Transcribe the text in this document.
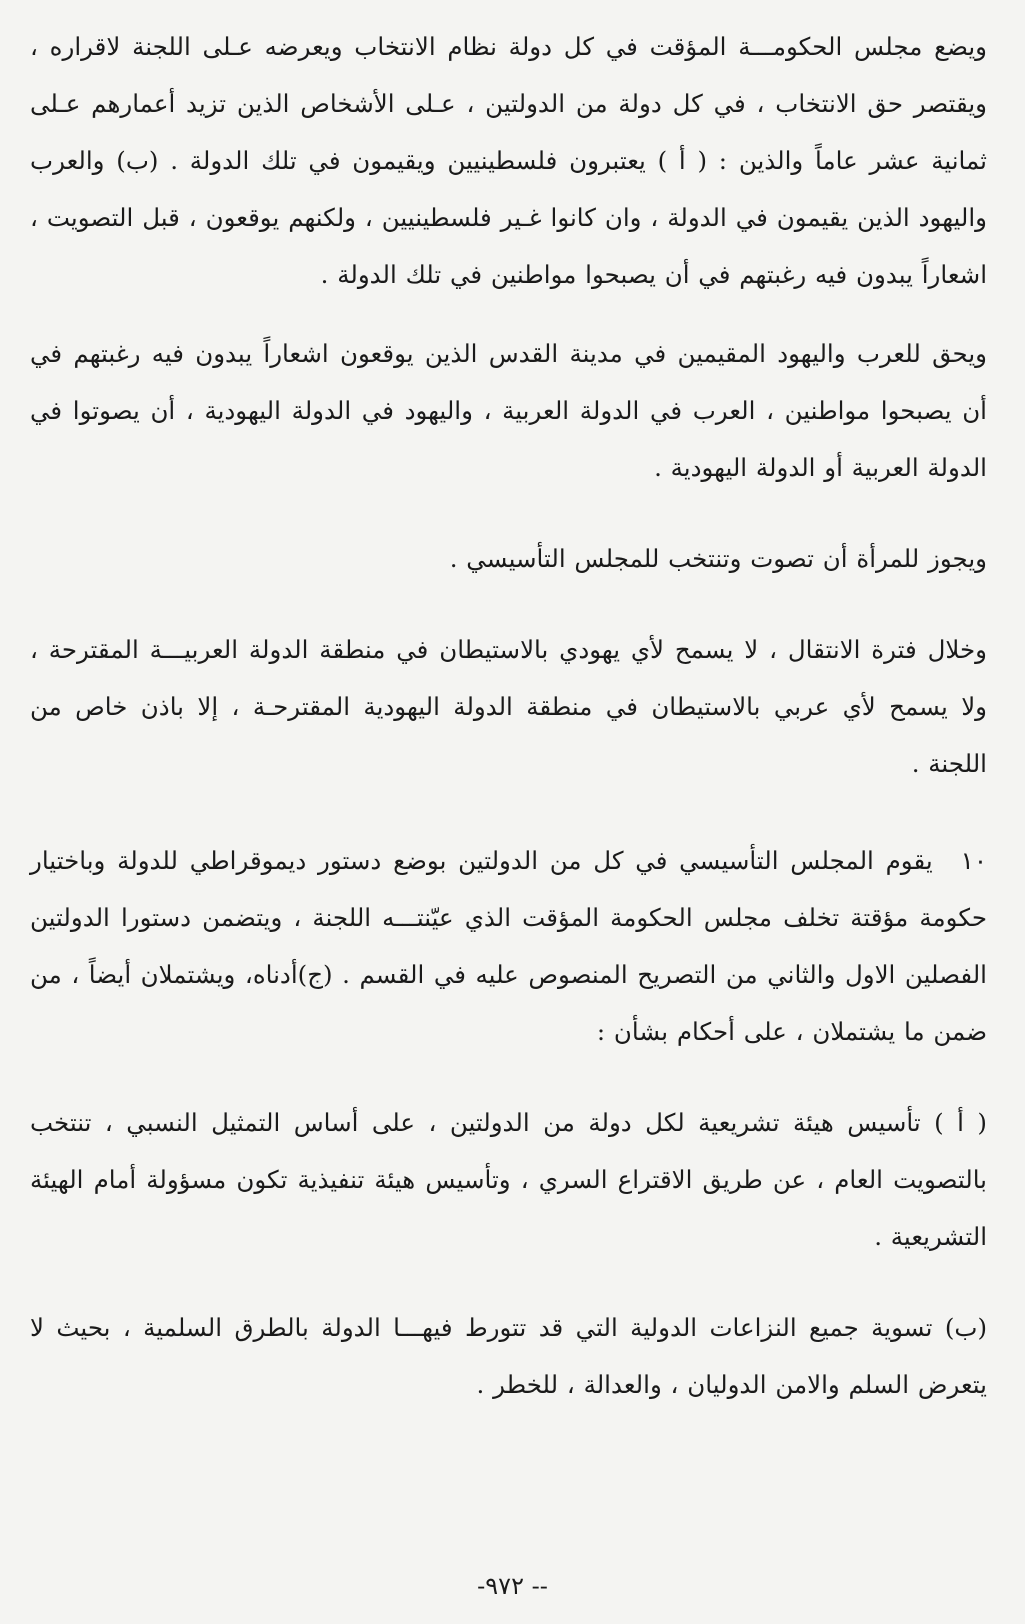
ويضع مجلس الحكومـــة المؤقت في كل دولة نظام الانتخاب ويعرضه عـلى اللجنة لاقراره ، ويقتصر حق الانتخاب ، في كل دولة من الدولتين ، عـلى الأشخاص الذين تزيد أعمارهم عـلى ثمانية عشر عاماً والذين : ( أ ) يعتبرون فلسطينيين ويقيمون في تلك الدولة . (ب) والعرب واليهود الذين يقيمون في الدولة ، وان كانوا غـير فلسطينيين ، ولكنهم يوقعون ، قبل التصويت ، اشعاراً يبدون فيه رغبتهم في أن يصبحوا مواطنين في تلك الدولة .

ويحق للعرب واليهود المقيمين في مدينة القدس الذين يوقعون اشعاراً يبدون فيه رغبتهم في أن يصبحوا مواطنين ، العرب في الدولة العربية ، واليهود في الدولة اليهودية ، أن يصوتوا في الدولة العربية أو الدولة اليهودية .

ويجوز للمرأة أن تصوت وتنتخب للمجلس التأسيسي .

وخلال فترة الانتقال ، لا يسمح لأي يهودي بالاستيطان في منطقة الدولة العربيـــة المقترحة ، ولا يسمح لأي عربي بالاستيطان في منطقة الدولة اليهودية المقترحـة ، إلا باذن خاص من اللجنة .

١٠يقوم المجلس التأسيسي في كل من الدولتين بوضع دستور ديموقراطي للدولة وباختيار حكومة مؤقتة تخلف مجلس الحكومة المؤقت الذي عيّنتـــه اللجنة ، ويتضمن دستورا الدولتين الفصلين الاول والثاني من التصريح المنصوص عليه في القسم . (ج)أدناه، ويشتملان أيضاً ، من ضمن ما يشتملان ، على أحكام بشأن :

( أ ) تأسيس هيئة تشريعية لكل دولة من الدولتين ، على أساس التمثيل النسبي ، تنتخب بالتصويت العام ، عن طريق الاقتراع السري ، وتأسيس هيئة تنفيذية تكون مسؤولة أمام الهيئة التشريعية .

(ب) تسوية جميع النزاعات الدولية التي قد تتورط فيهـــا الدولة بالطرق السلمية ، بحيث لا يتعرض السلم والامن الدوليان ، والعدالة ، للخطر .

-٩٧٢ --
